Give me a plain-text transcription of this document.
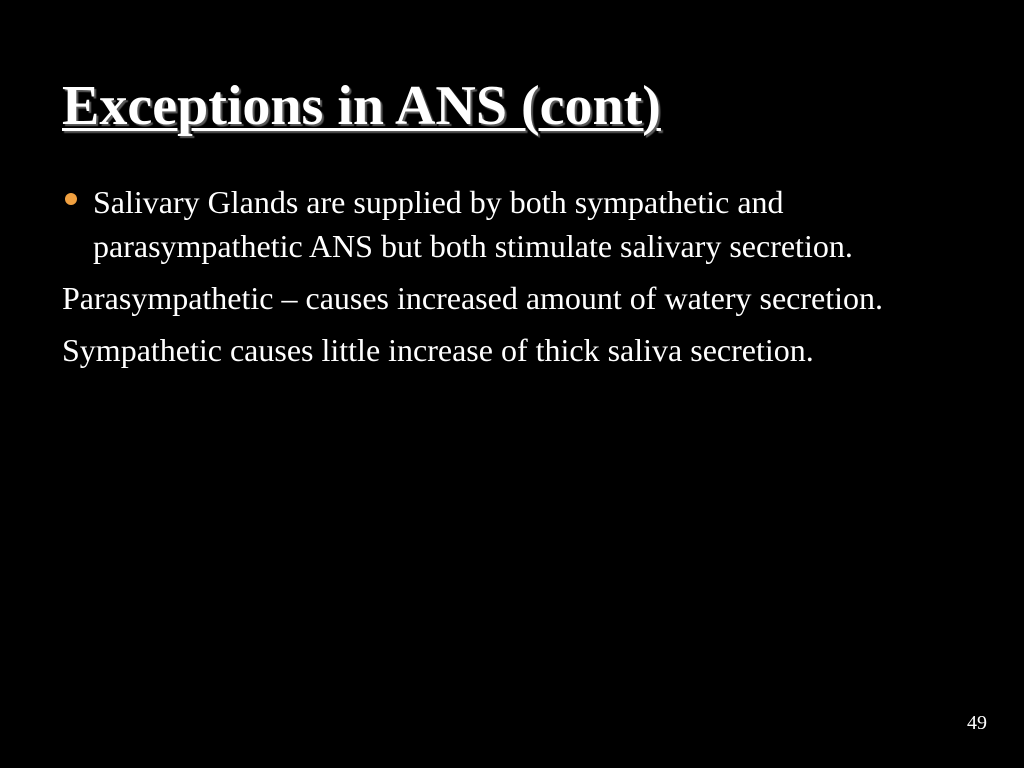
Exceptions in ANS (cont)

Salivary Glands are supplied by both sympathetic and parasympathetic ANS but both stimulate salivary secretion.

Parasympathetic – causes increased amount of watery secretion.

Sympathetic causes little increase of thick saliva secretion.

49
